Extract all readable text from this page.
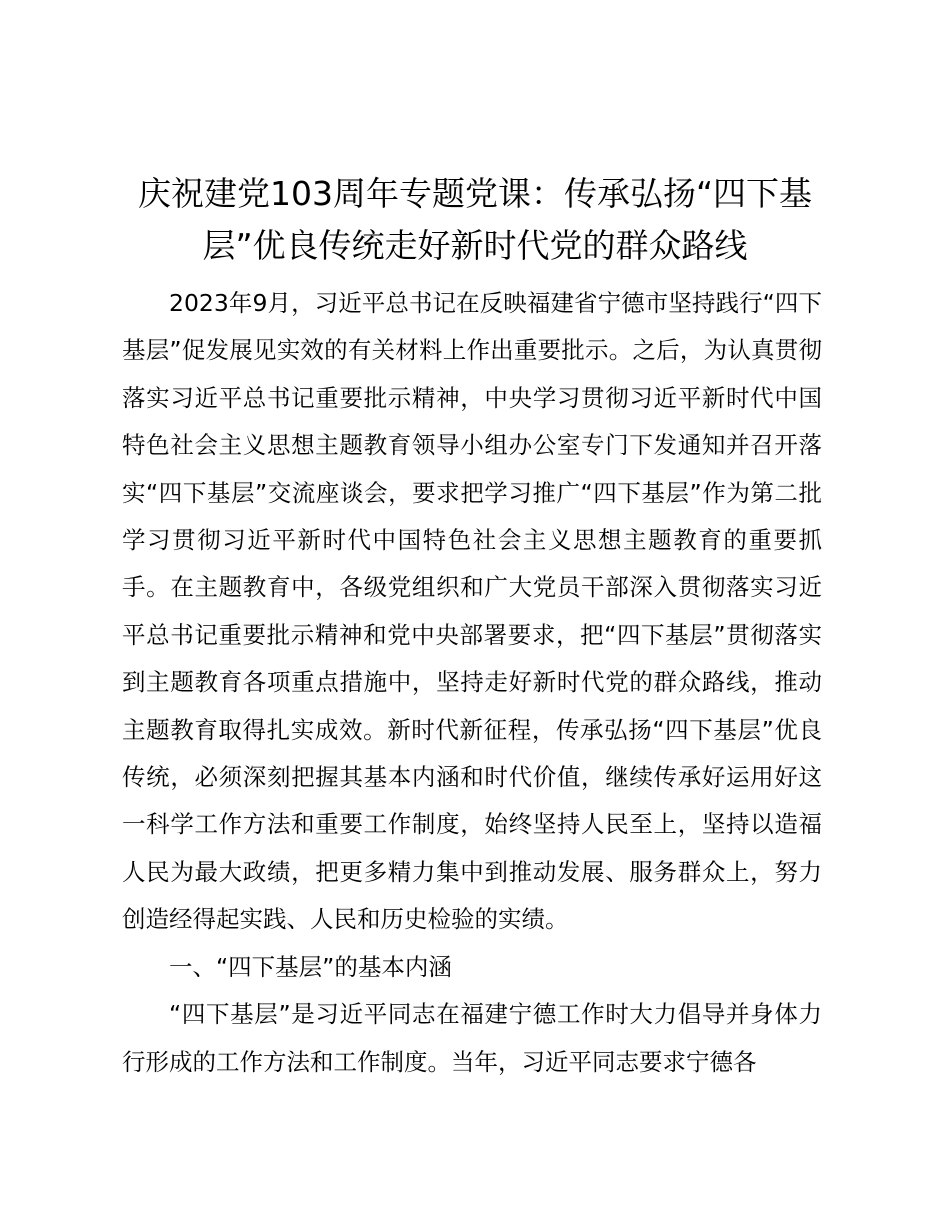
庆祝建党103周年专题党课：传承弘扬“四下基层”优良传统走好新时代党的群众路线

2023年9月，习近平总书记在反映福建省宁德市坚持践行“四下基层”促发展见实效的有关材料上作出重要批示。之后，为认真贯彻落实习近平总书记重要批示精神，中央学习贯彻习近平新时代中国特色社会主义思想主题教育领导小组办公室专门下发通知并召开落实“四下基层”交流座谈会，要求把学习推广“四下基层”作为第二批学习贯彻习近平新时代中国特色社会主义思想主题教育的重要抓手。在主题教育中，各级党组织和广大党员干部深入贯彻落实习近平总书记重要批示精神和党中央部署要求，把“四下基层”贯彻落实到主题教育各项重点措施中，坚持走好新时代党的群众路线，推动主题教育取得扎实成效。新时代新征程，传承弘扬“四下基层”优良传统，必须深刻把握其基本内涵和时代价值，继续传承好运用好这一科学工作方法和重要工作制度，始终坚持人民至上，坚持以造福人民为最大政绩，把更多精力集中到推动发展、服务群众上，努力创造经得起实践、人民和历史检验的实绩。

一、“四下基层”的基本内涵

“四下基层”是习近平同志在福建宁德工作时大力倡导并身体力行形成的工作方法和工作制度。当年，习近平同志要求宁德各
